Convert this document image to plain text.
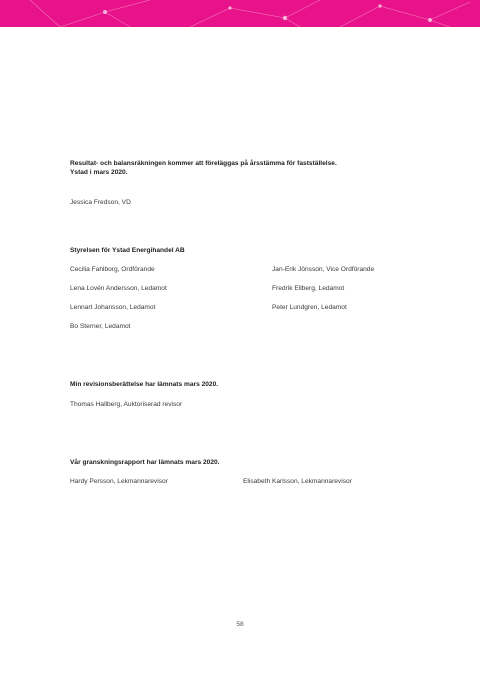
Resultat- och balansräkningen kommer att föreläggas på årsstämma för fastställelse.
Ystad i mars 2020.
Jessica Fredson, VD
Styrelsen för Ystad Energihandel AB
Cecilia Fahlborg, Ordförande
Lena Lovén Andersson, Ledamot
Lennart Johansson, Ledamot
Bo Sterner, Ledamot
Jan-Erik Jönsson, Vice Ordförande
Fredrik Ellberg, Ledamot
Peter Lundgren, Ledamot
Min revisionsberättelse har lämnats mars 2020.
Thomas Hallberg, Auktoriserad revisor
Vår granskningsrapport har lämnats mars 2020.
Hardy Persson, Lekmannarevisor	Elisabeth Karlsson, Lekmannarevisor
58
